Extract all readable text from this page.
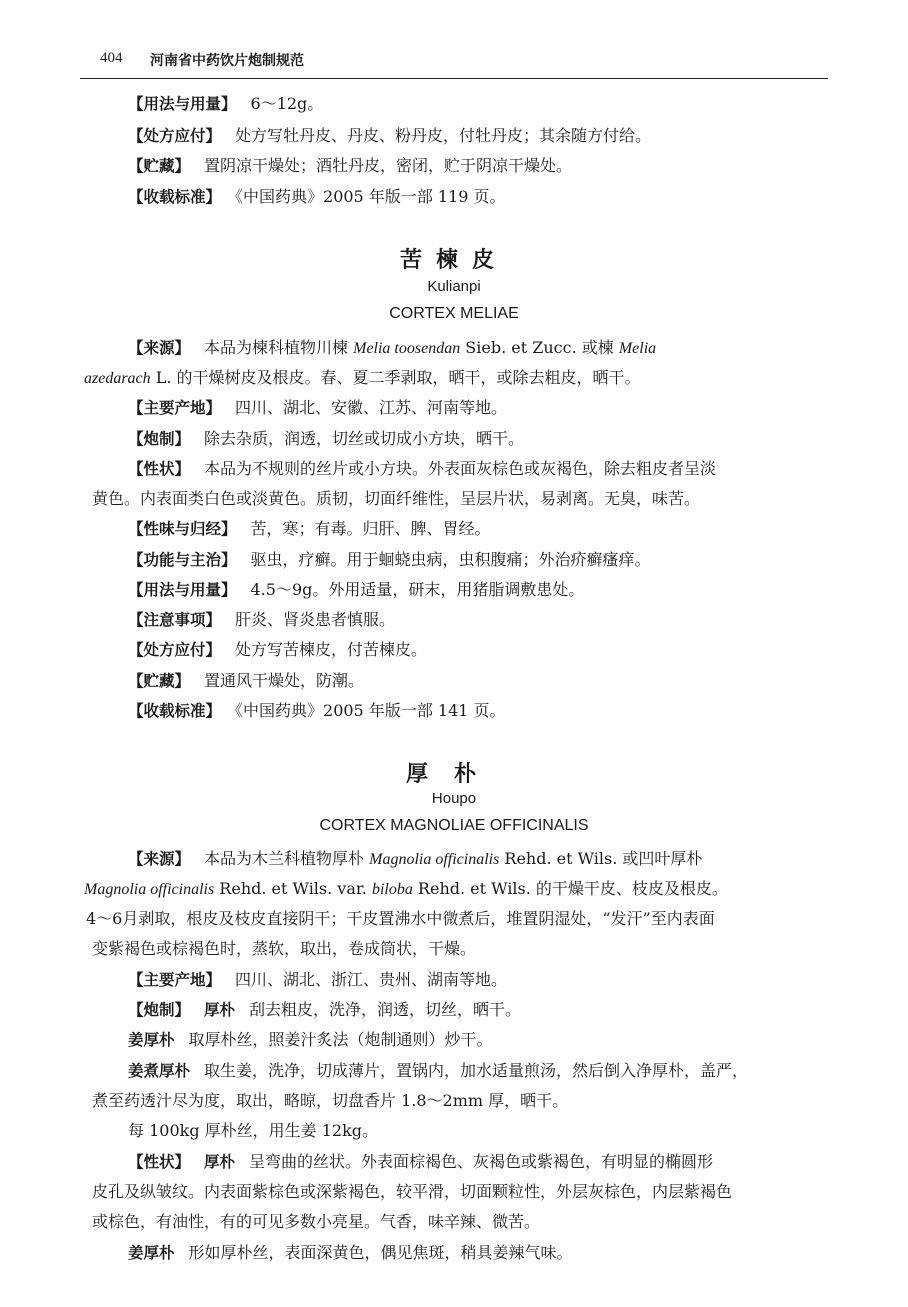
404 河南省中药饮片炮制规范
【用法与用量】 6～12g。
【处方应付】 处方写牡丹皮、丹皮、粉丹皮，付牡丹皮；其余随方付给。
【贮藏】 置阴凉干燥处；酒牡丹皮，密闭，贮于阴凉干燥处。
【收载标准】 《中国药典》2005 年版一部 119 页。
苦楝皮
Kulianpi
CORTEX MELIAE
【来源】 本品为楝科植物川楝 Melia toosendan Sieb. et Zucc. 或楝 Melia
azedarach L. 的干燥树皮及根皮。春、夏二季剥取，晒干，或除去粗皮，晒干。
【主要产地】 四川、湖北、安徽、江苏、河南等地。
【炮制】 除去杂质，润透，切丝或切成小方块，晒干。
【性状】 本品为不规则的丝片或小方块。外表面灰棕色或灰褐色，除去粗皮者呈淡
黄色。内表面类白色或淡黄色。质韧，切面纤维性，呈层片状，易剥离。无臭，味苦。
【性味与归经】 苦，寒；有毒。归肝、脾、胃经。
【功能与主治】 驱虫，疗癣。用于蛔蛲虫病，虫积腹痛；外治疥癣瘙痒。
【用法与用量】 4.5～9g。外用适量，研末，用猪脂调敷患处。
【注意事项】 肝炎、肾炎患者慎服。
【处方应付】 处方写苦楝皮，付苦楝皮。
【贮藏】 置通风干燥处，防潮。
【收载标准】 《中国药典》2005 年版一部 141 页。
厚朴
Houpo
CORTEX MAGNOLIAE OFFICINALIS
【来源】 本品为木兰科植物厚朴 Magnolia officinalis Rehd. et Wils. 或凹叶厚朴
Magnolia officinalis Rehd. et Wils. var. biloba Rehd. et Wils. 的干燥干皮、枝皮及根皮。
4～6月剥取，根皮及枝皮直接阴干；干皮置沸水中微煮后，堆置阴湿处，“发汗”至内表面
变紫褐色或棕褐色时，蒸软，取出，卷成筒状，干燥。
【主要产地】 四川、湖北、浙江、贵州、湖南等地。
【炮制】 厚朴 刮去粗皮，洗净，润透，切丝，晒干。
姜厚朴 取厚朴丝，照姜汁炙法（炮制通则）炒干。
姜煮厚朴 取生姜，洗净，切成薄片，置锅内，加水适量煎汤，然后倒入净厚朴，盖严，
煮至药透汁尽为度，取出，略晾，切盘香片 1.8～2mm 厚，晒干。
每 100kg 厚朴丝，用生姜 12kg。
【性状】 厚朴 呈弯曲的丝状。外表面棕褐色、灰褐色或紫褐色，有明显的椭圆形
皮孔及纵皱纹。内表面紫棕色或深紫褐色，较平滑，切面颗粒性，外层灰棕色，内层紫褐色
或棕色，有油性，有的可见多数小亮星。气香，味辛辣、微苦。
姜厚朴 形如厚朴丝，表面深黄色，偶见焦斑，稍具姜辣气味。
